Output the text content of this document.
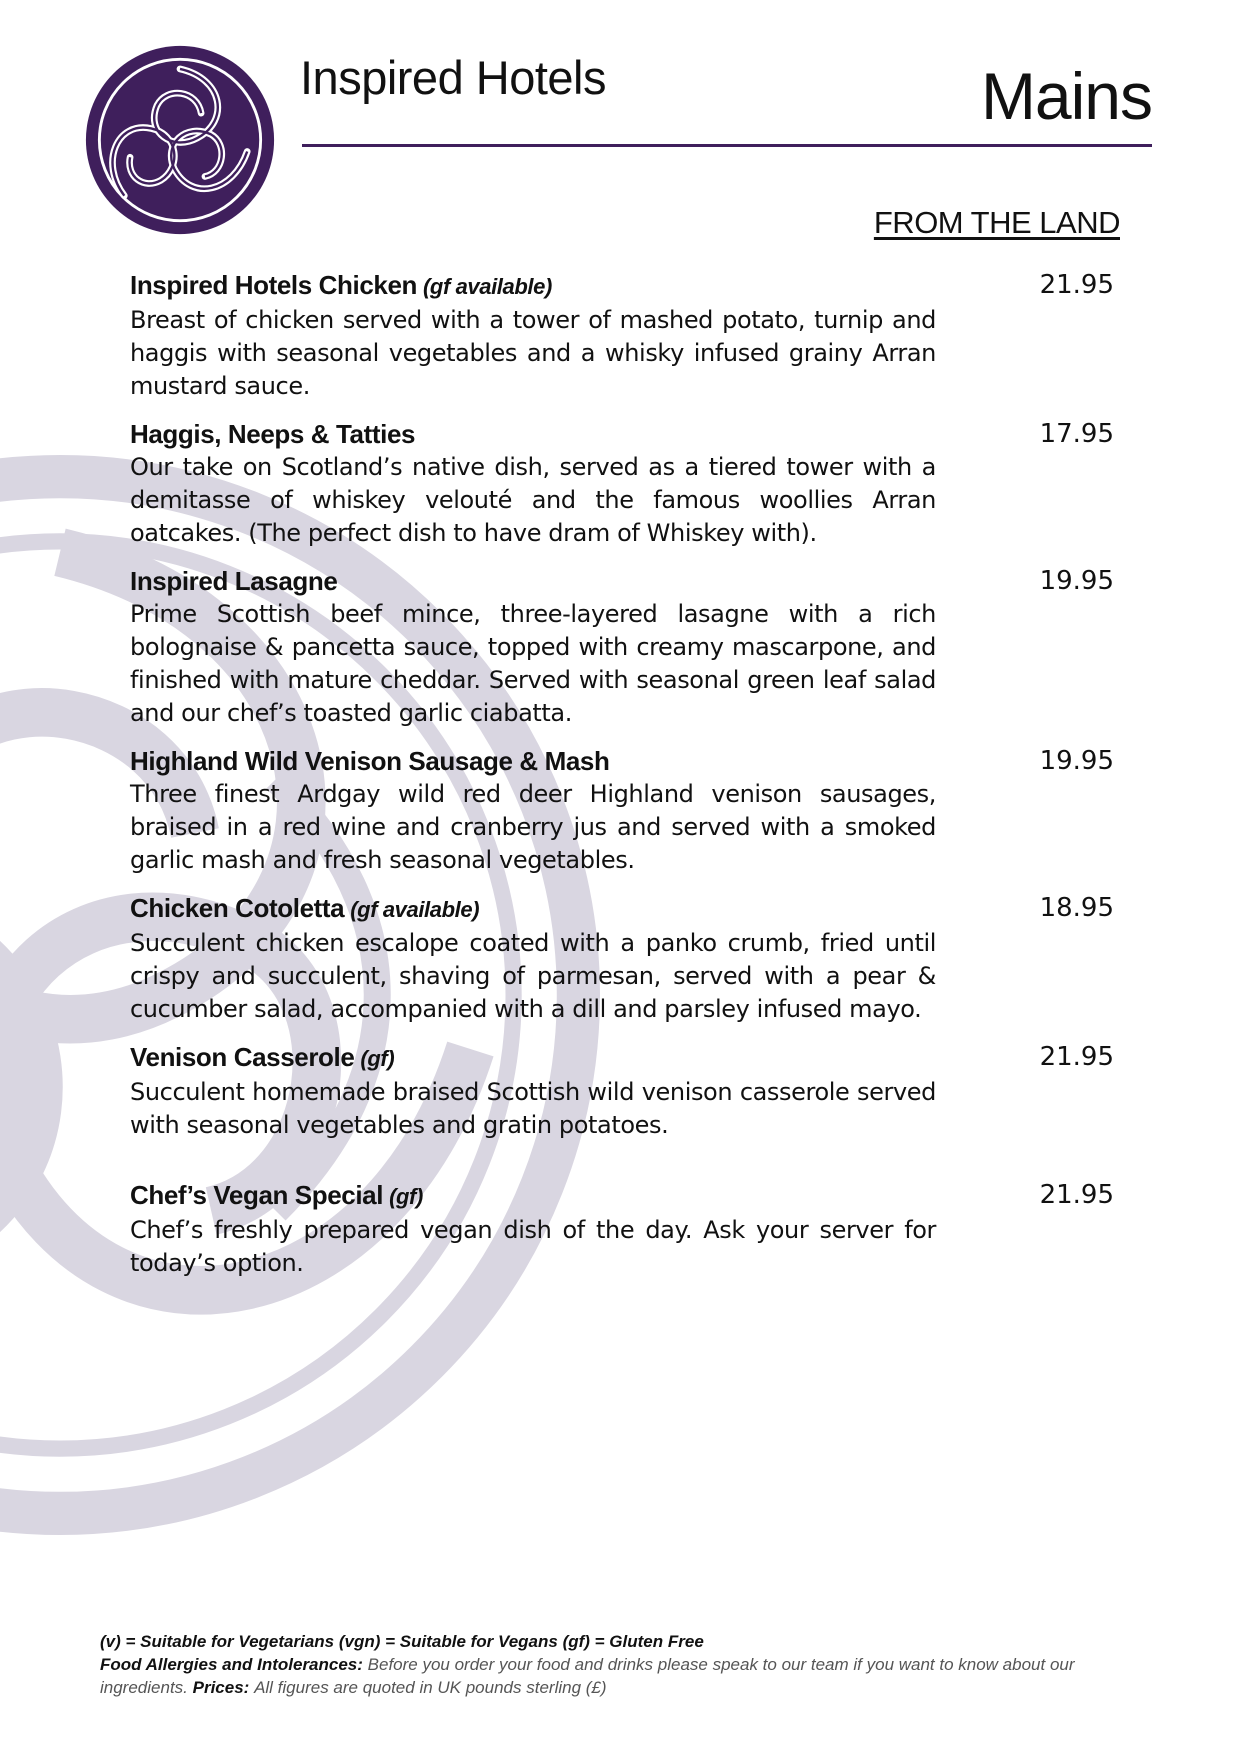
Inspired Hotels	Mains
FROM THE LAND
Inspired Hotels Chicken (gf available)	21.95
Breast of chicken served with a tower of mashed potato, turnip and haggis with seasonal vegetables and a whisky infused grainy Arran mustard sauce.
Haggis, Neeps & Tatties	17.95
Our take on Scotland’s native dish, served as a tiered tower with a demitasse of whiskey velouté and the famous woollies Arran oatcakes. (The perfect dish to have dram of Whiskey with).
Inspired Lasagne	19.95
Prime Scottish beef mince, three-layered lasagne with a rich bolognaise & pancetta sauce, topped with creamy mascarpone, and finished with mature cheddar. Served with seasonal green leaf salad and our chef’s toasted garlic ciabatta.
Highland Wild Venison Sausage & Mash	19.95
Three finest Ardgay wild red deer Highland venison sausages, braised in a red wine and cranberry jus and served with a smoked garlic mash and fresh seasonal vegetables.
Chicken Cotoletta (gf available)	18.95
Succulent chicken escalope coated with a panko crumb, fried until crispy and succulent, shaving of parmesan, served with a pear & cucumber salad, accompanied with a dill and parsley infused mayo.
Venison Casserole (gf)	21.95
Succulent homemade braised Scottish wild venison casserole served with seasonal vegetables and gratin potatoes.
Chef’s Vegan Special (gf)	21.95
Chef’s freshly prepared vegan dish of the day. Ask your server for today’s option.
(v) = Suitable for Vegetarians (vgn) = Suitable for Vegans (gf) = Gluten Free
Food Allergies and Intolerances: Before you order your food and drinks please speak to our team if you want to know about our ingredients. Prices: All figures are quoted in UK pounds sterling (£)
